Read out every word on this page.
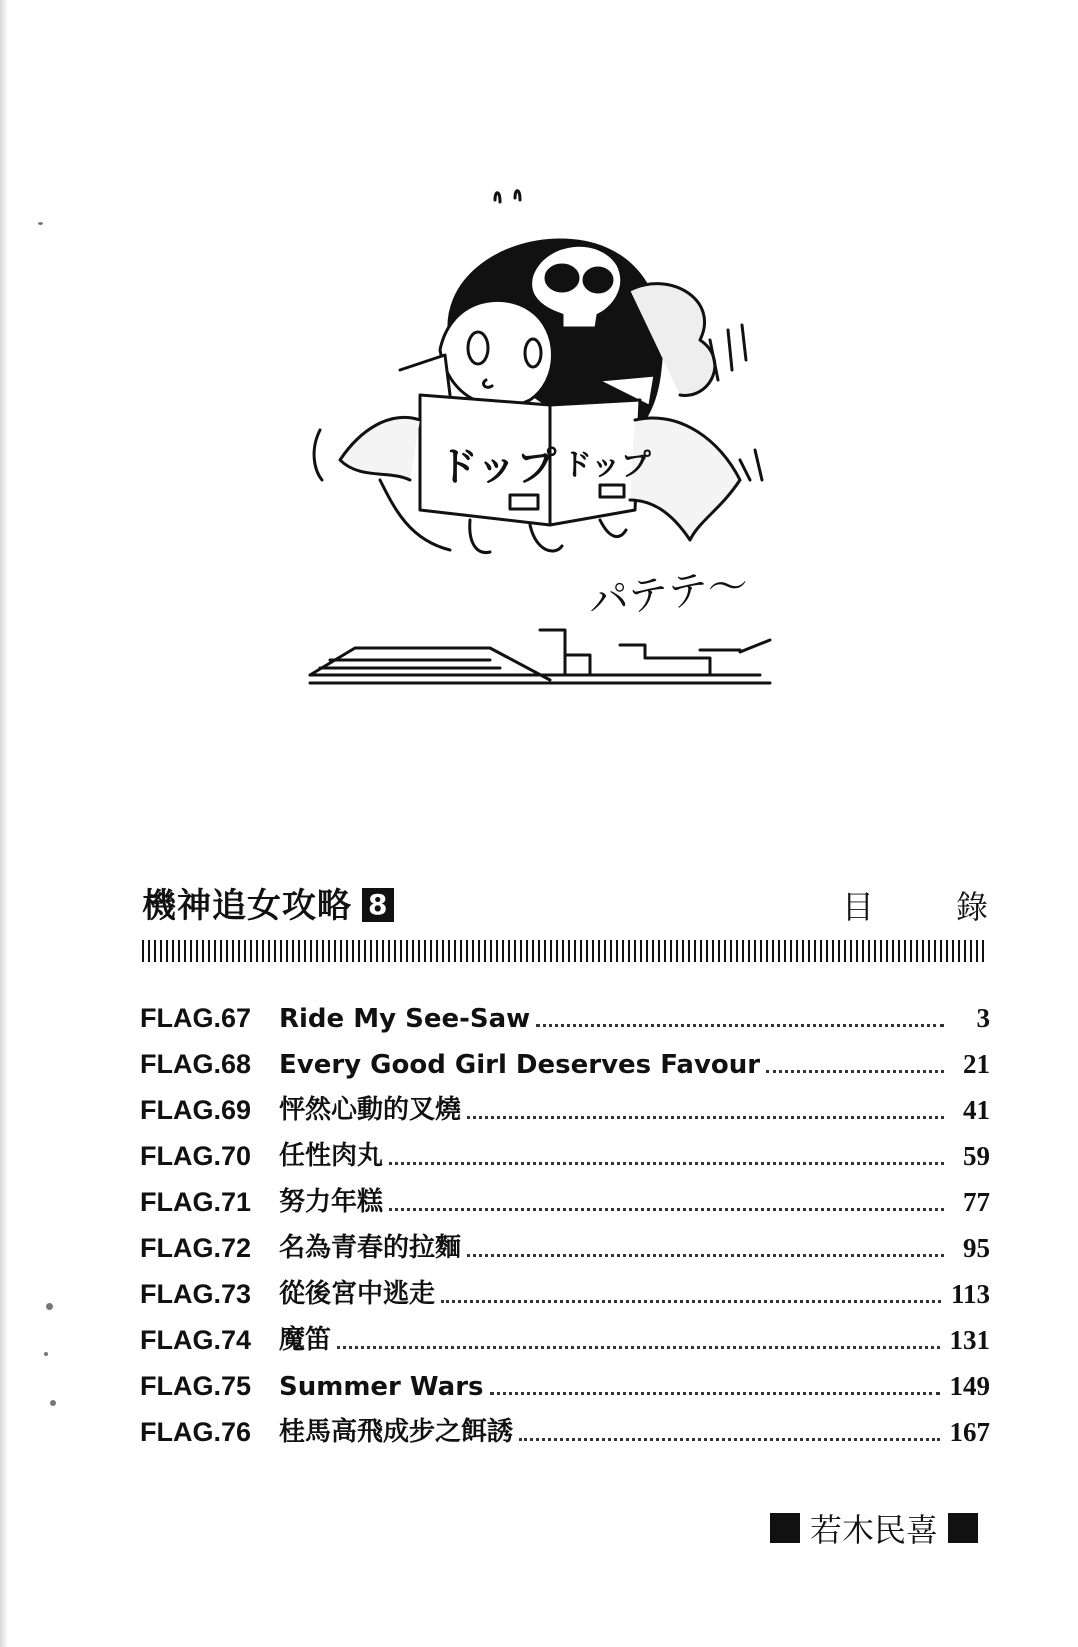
ドップ ドップ
パテテ〜
機神追女攻略 8	目 錄
FLAG.67	Ride My See-Saw	3
FLAG.68	Every Good Girl Deserves Favour	21
FLAG.69	怦然心動的叉燒	41
FLAG.70	任性肉丸	59
FLAG.71	努力年糕	77
FLAG.72	名為青春的拉麵	95
FLAG.73	從後宮中逃走	113
FLAG.74	魔笛	131
FLAG.75	Summer Wars	149
FLAG.76	桂馬高飛成步之餌誘	167
若木民喜
